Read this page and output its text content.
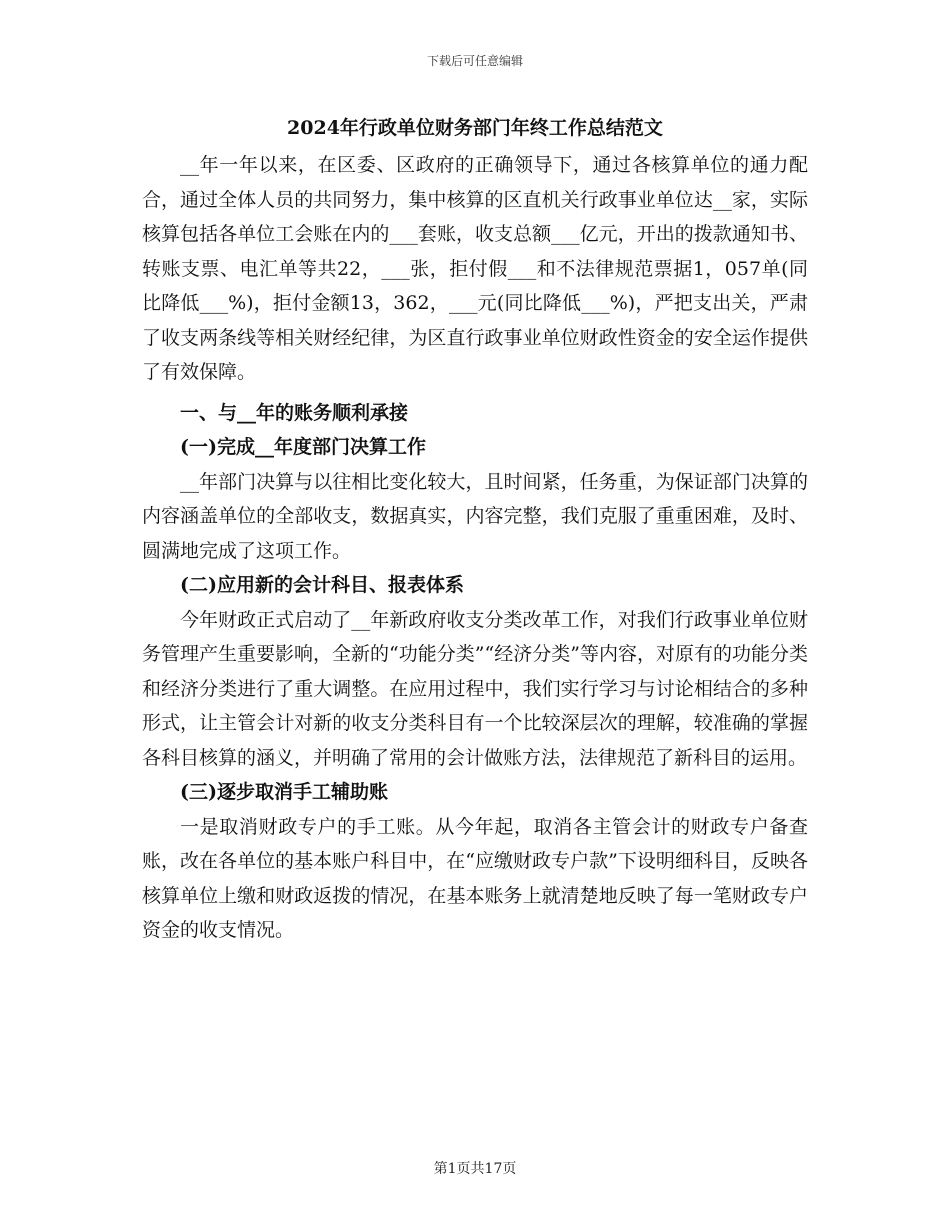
下载后可任意编辑
2024年行政单位财务部门年终工作总结范文

__年一年以来，在区委、区政府的正确领导下，通过各核算单位的通力配合，通过全体人员的共同努力，集中核算的区直机关行政事业单位达__家，实际核算包括各单位工会账在内的___套账，收支总额___亿元，开出的拨款通知书、转账支票、电汇单等共22，___张，拒付假___和不法律规范票据1，057单(同比降低___%)，拒付金额13，362，___元(同比降低___%)，严把支出关，严肃了收支两条线等相关财经纪律，为区直行政事业单位财政性资金的安全运作提供了有效保障。

一、与__年的账务顺利承接

(一)完成__年度部门决算工作

__年部门决算与以往相比变化较大，且时间紧，任务重，为保证部门决算的内容涵盖单位的全部收支，数据真实，内容完整，我们克服了重重困难，及时、圆满地完成了这项工作。

(二)应用新的会计科目、报表体系

今年财政正式启动了__年新政府收支分类改革工作，对我们行政事业单位财务管理产生重要影响，全新的“功能分类”“经济分类”等内容，对原有的功能分类和经济分类进行了重大调整。在应用过程中，我们实行学习与讨论相结合的多种形式，让主管会计对新的收支分类科目有一个比较深层次的理解，较准确的掌握各科目核算的涵义，并明确了常用的会计做账方法，法律规范了新科目的运用。

(三)逐步取消手工辅助账

一是取消财政专户的手工账。从今年起，取消各主管会计的财政专户备查账，改在各单位的基本账户科目中，在“应缴财政专户款”下设明细科目，反映各核算单位上缴和财政返拨的情况，在基本账务上就清楚地反映了每一笔财政专户资金的收支情况。

第1页共17页
